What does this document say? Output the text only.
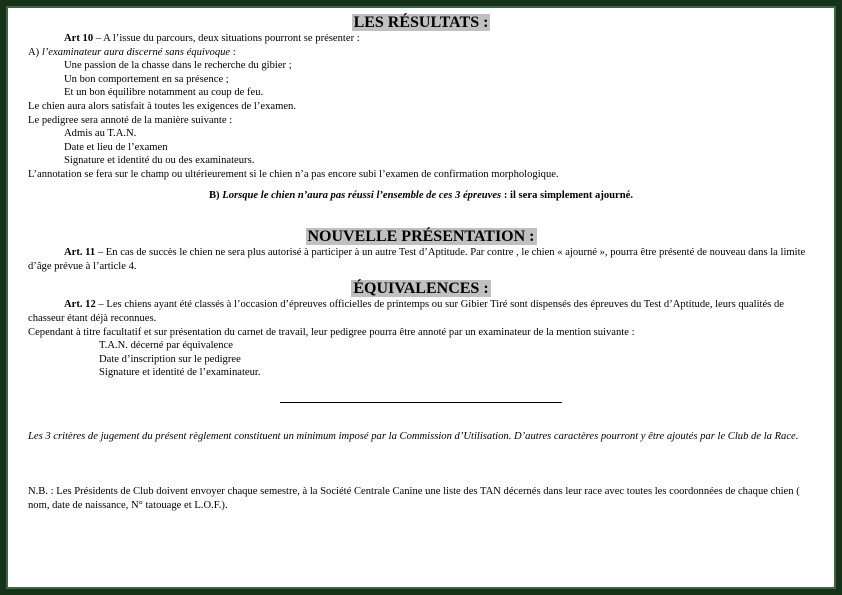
LES RÉSULTATS :
Art 10 – A l’issue du parcours, deux situations pourront se présenter :
A) l’examinateur aura discerné sans équivoque :
Une passion de la chasse dans le recherche du gibier ;
Un bon comportement en sa présence ;
Et un bon équilibre notamment au coup de feu.
Le chien aura alors satisfait à toutes les exigences de l’examen.
Le pedigree sera annoté de la manière suivante :
Admis au T.A.N.
Date et lieu de l’examen
Signature et identité du ou des examinateurs.
L’annotation se fera sur le champ ou ultérieurement si le chien n’a pas encore subi l’examen de confirmation morphologique.
B) Lorsque le chien n’aura pas réussi l’ensemble de ces 3 épreuves : il sera simplement ajourné.
NOUVELLE PRÉSENTATION :
Art. 11 – En cas de succès le chien ne sera plus autorisé à participer à un autre Test d’Aptitude. Par contre , le chien « ajourné », pourra être présenté de nouveau dans la limite d’âge prévue à l’article 4.
ÉQUIVALENCES :
Art. 12 – Les chiens ayant été classés à l’occasion d’épreuves officielles de printemps ou sur Gibier Tiré sont dispensés des épreuves du Test d’Aptitude, leurs qualités de chasseur étant déjà reconnues.
Cependant à titre facultatif et sur présentation du carnet de travail, leur pedigree pourra être annoté par un examinateur de la mention suivante :
T.A.N. décerné par équivalence
Date d’inscription sur le pedigree
Signature et identité de l’examinateur.
Les 3 critères de jugement du présent règlement constituent un minimum imposé par la Commission d’Utilisation. D’autres caractères pourront y être ajoutés par le Club de la Race.
N.B. : Les Présidents de Club doivent envoyer chaque semestre, à la Société Centrale Canine une liste des TAN décernés dans leur race avec toutes les coordonnées de chaque chien ( nom, date de naissance, N° tatouage et L.O.F.).
